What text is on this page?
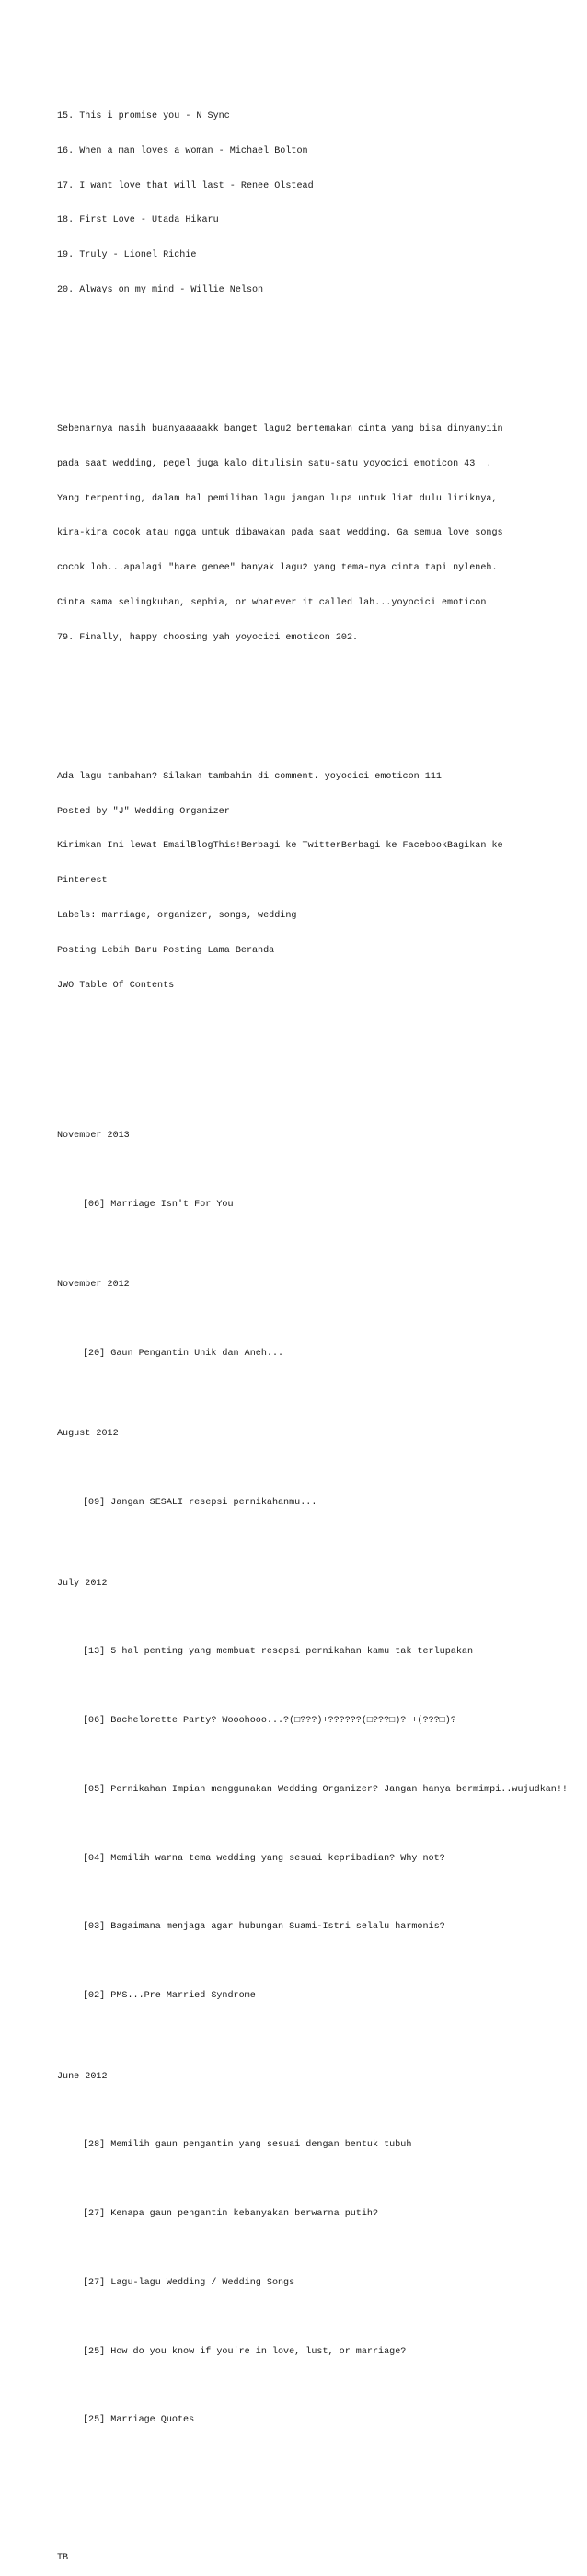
15. This i promise you - N Sync

16. When a man loves a woman - Michael Bolton

17. I want love that will last - Renee Olstead

18. First Love - Utada Hikaru

19. Truly - Lionel Richie

20. Always on my mind - Willie Nelson

Sebenarnya masih buanyaaaaakk banget lagu2 bertemakan cinta yang bisa dinyanyiin

pada saat wedding, pegel juga kalo ditulisin satu-satu yoyocici emoticon 43  .

Yang terpenting, dalam hal pemilihan lagu jangan lupa untuk liat dulu liriknya,

kira-kira cocok atau ngga untuk dibawakan pada saat wedding. Ga semua love songs

cocok loh...apalagi "hare genee" banyak lagu2 yang tema-nya cinta tapi nyleneh.

Cinta sama selingkuhan, sephia, or whatever it called lah...yoyocici emoticon

79. Finally, happy choosing yah yoyocici emoticon 202.

Ada lagu tambahan? Silakan tambahin di comment. yoyocici emoticon 111

Posted by "J" Wedding Organizer

Kirimkan Ini lewat EmailBlogThis!Berbagi ke TwitterBerbagi ke FacebookBagikan ke

Pinterest

Labels: marriage, organizer, songs, wedding

Posting Lebih Baru Posting Lama Beranda

JWO Table Of Contents

November 2013

[06] Marriage Isn't For You

November 2012

[20] Gaun Pengantin Unik dan Aneh...

August 2012

[09] Jangan SESALI resepsi pernikahanmu...

July 2012

[13] 5 hal penting yang membuat resepsi pernikahan kamu tak terlupakan

[06] Bachelorette Party? Wooohooo...?(□???)+??????(□???□)? +(???□)?

[05] Pernikahan Impian menggunakan Wedding Organizer? Jangan hanya bermimpi..wujudkan!!

[04] Memilih warna tema wedding yang sesuai kepribadian? Why not?

[03] Bagaimana menjaga agar hubungan Suami-Istri selalu harmonis?

[02] PMS...Pre Married Syndrome

June 2012

[28] Memilih gaun pengantin yang sesuai dengan bentuk tubuh

[27] Kenapa gaun pengantin kebanyakan berwarna putih?

[27] Lagu-lagu Wedding / Wedding Songs

[25] How do you know if you're in love, lust, or marriage?

[25] Marriage Quotes

TB
